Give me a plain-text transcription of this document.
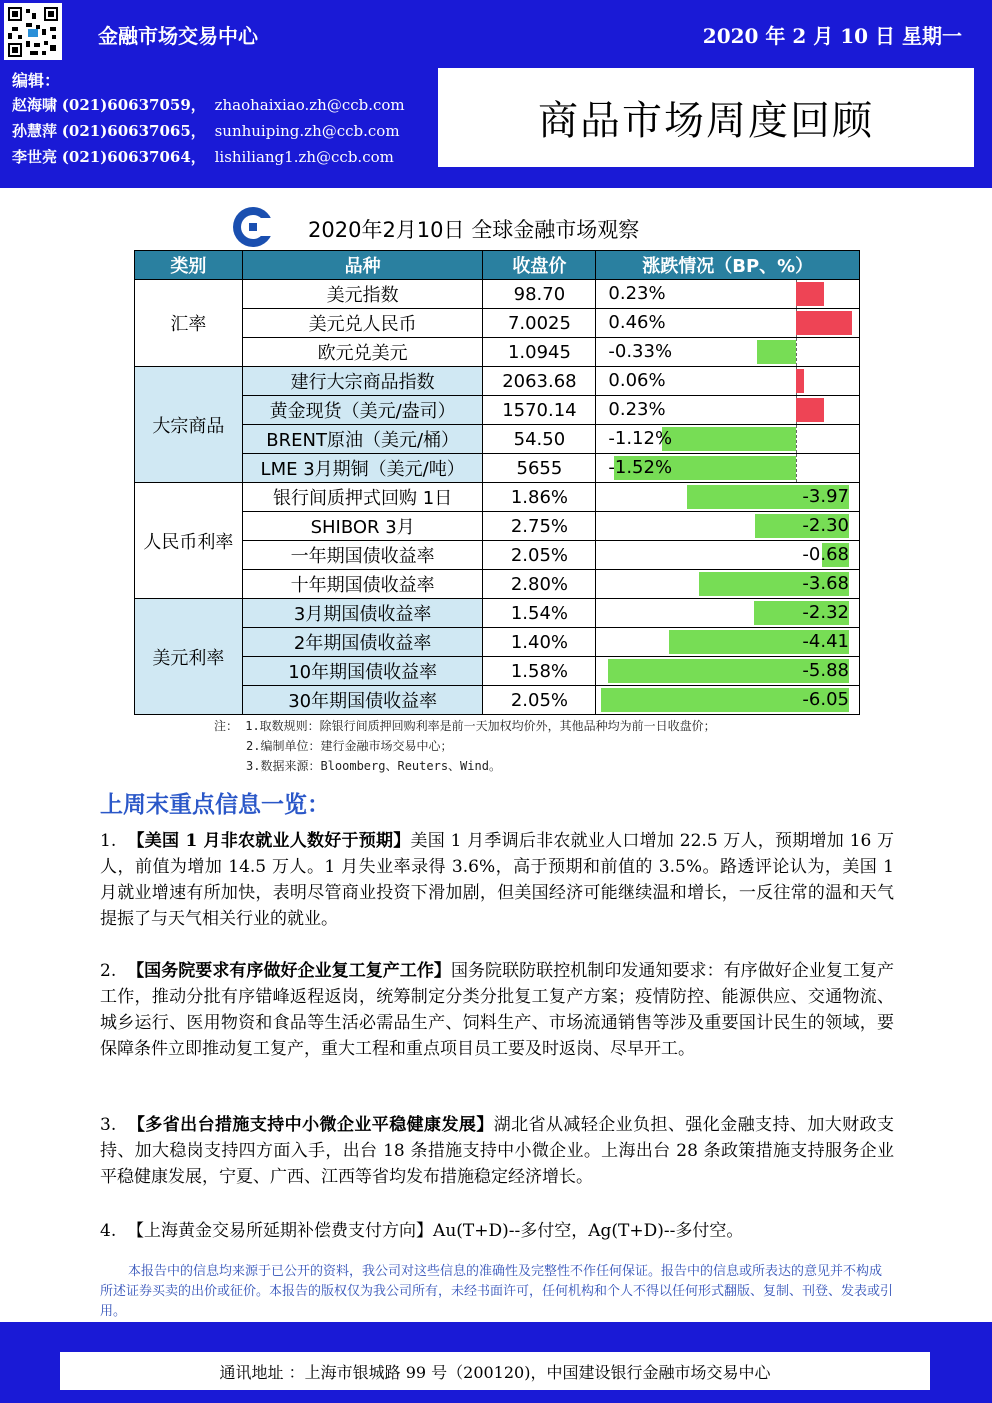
金融市场交易中心	2020 年 2 月 10 日 星期一
编辑：
赵海啸 (021)60637059， zhaohaixiao.zh@ccb.com
孙慧萍 (021)60637065， sunhuiping.zh@ccb.com
李世亮 (021)60637064， lishiliang1.zh@ccb.com
商品市场周度回顾
2020年2月10日 全球金融市场观察
类别	品种	收盘价	涨跌情况（BP、%）
汇率	美元指数	98.70	0.23%

	美元兑人民币	7.0025	0.46%

	欧元兑美元	1.0945	-0.33%

大宗商品	建行大宗商品指数	2063.68	0.06%

	黄金现货（美元/盎司）	1570.14	0.23%

	BRENT原油（美元/桶）	54.50	-1.12%

	LME 3月期铜（美元/吨）	5655	-1.52%

人民币利率	银行间质押式回购 1日	1.86%	-3.97

	SHIBOR 3月	2.75%	-2.30

	一年期国债收益率	2.05%	-0.68

	十年期国债收益率	2.80%	-3.68

美元利率	3月期国债收益率	1.54%	-2.32

	2年期国债收益率	1.40%	-4.41

	10年期国债收益率	1.58%	-5.88

	30年期国债收益率	2.05%	-6.05
注： 1.取数规则：除银行间质押回购利率是前一天加权均价外，其他品种均为前一日收盘价；
2.编制单位：建行金融市场交易中心；
3.数据来源：Bloomberg、Reuters、Wind。
上周末重点信息一览：
1. 【美国 1 月非农就业人数好于预期】美国 1 月季调后非农就业人口增加 22.5 万人，预期增加 16 万人，前值为增加 14.5 万人。1 月失业率录得 3.6%，高于预期和前值的 3.5%。路透评论认为，美国 1 月就业增速有所加快，表明尽管商业投资下滑加剧，但美国经济可能继续温和增长，一反往常的温和天气提振了与天气相关行业的就业。
2. 【国务院要求有序做好企业复工复产工作】国务院联防联控机制印发通知要求：有序做好企业复工复产工作，推动分批有序错峰返程返岗，统筹制定分类分批复工复产方案；疫情防控、能源供应、交通物流、城乡运行、医用物资和食品等生活必需品生产、饲料生产、市场流通销售等涉及重要国计民生的领域，要保障条件立即推动复工复产，重大工程和重点项目员工要及时返岗、尽早开工。
3. 【多省出台措施支持中小微企业平稳健康发展】湖北省从减轻企业负担、强化金融支持、加大财政支持、加大稳岗支持四方面入手，出台 18 条措施支持中小微企业。上海出台 28 条政策措施支持服务企业平稳健康发展，宁夏、广西、江西等省均发布措施稳定经济增长。
4. 【上海黄金交易所延期补偿费支付方向】Au(T+D)--多付空，Ag(T+D)--多付空。
本报告中的信息均来源于已公开的资料，我公司对这些信息的准确性及完整性不作任何保证。报告中的信息或所表达的意见并不构成所述证券买卖的出价或征价。本报告的版权仅为我公司所有，未经书面许可，任何机构和个人不得以任何形式翻版、复制、刊登、发表或引用。
通讯地址 ：上海市银城路 99 号（200120)，中国建设银行金融市场交易中心
